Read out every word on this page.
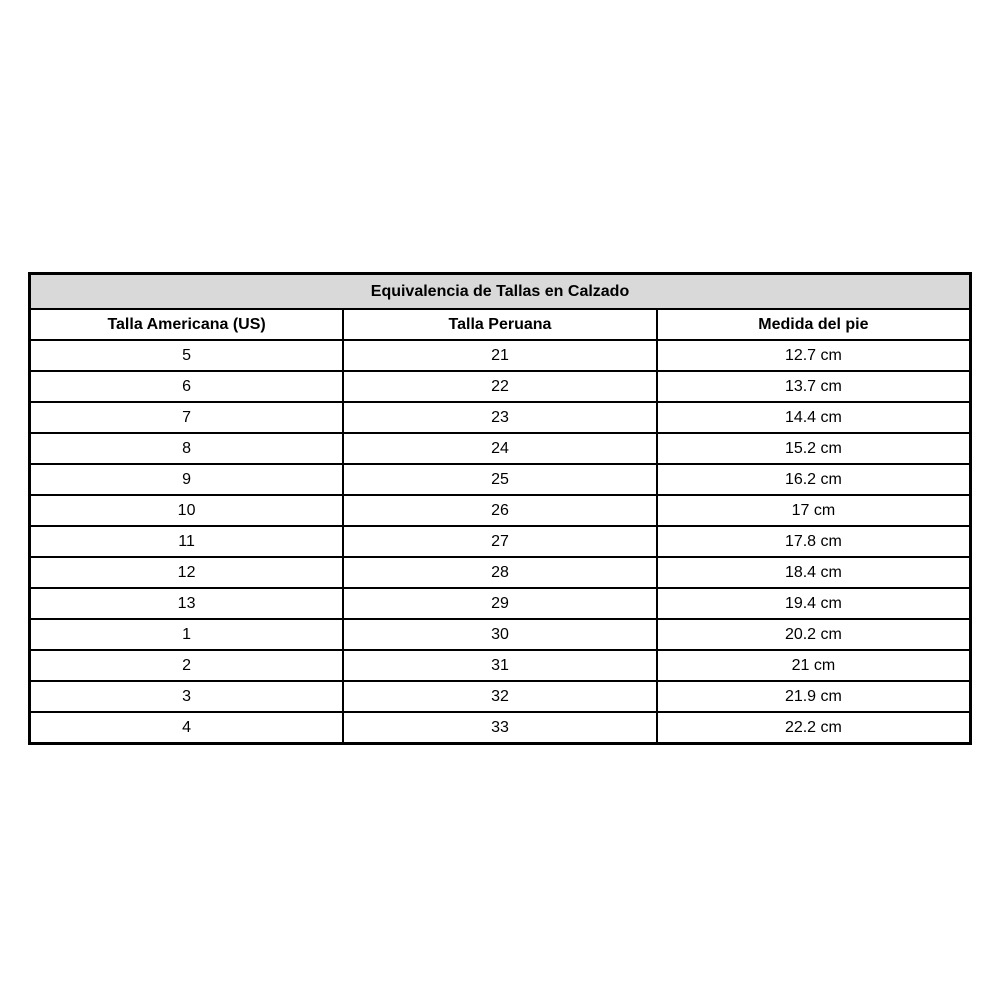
Equivalencia de Tallas en Calzado		
Talla Americana (US)	Talla Peruana	Medida del pie
5	21	12.7 cm
6	22	13.7 cm
7	23	14.4 cm
8	24	15.2 cm
9	25	16.2 cm
10	26	17 cm
11	27	17.8 cm
12	28	18.4 cm
13	29	19.4 cm
1	30	20.2 cm
2	31	21 cm
3	32	21.9 cm
4	33	22.2 cm
